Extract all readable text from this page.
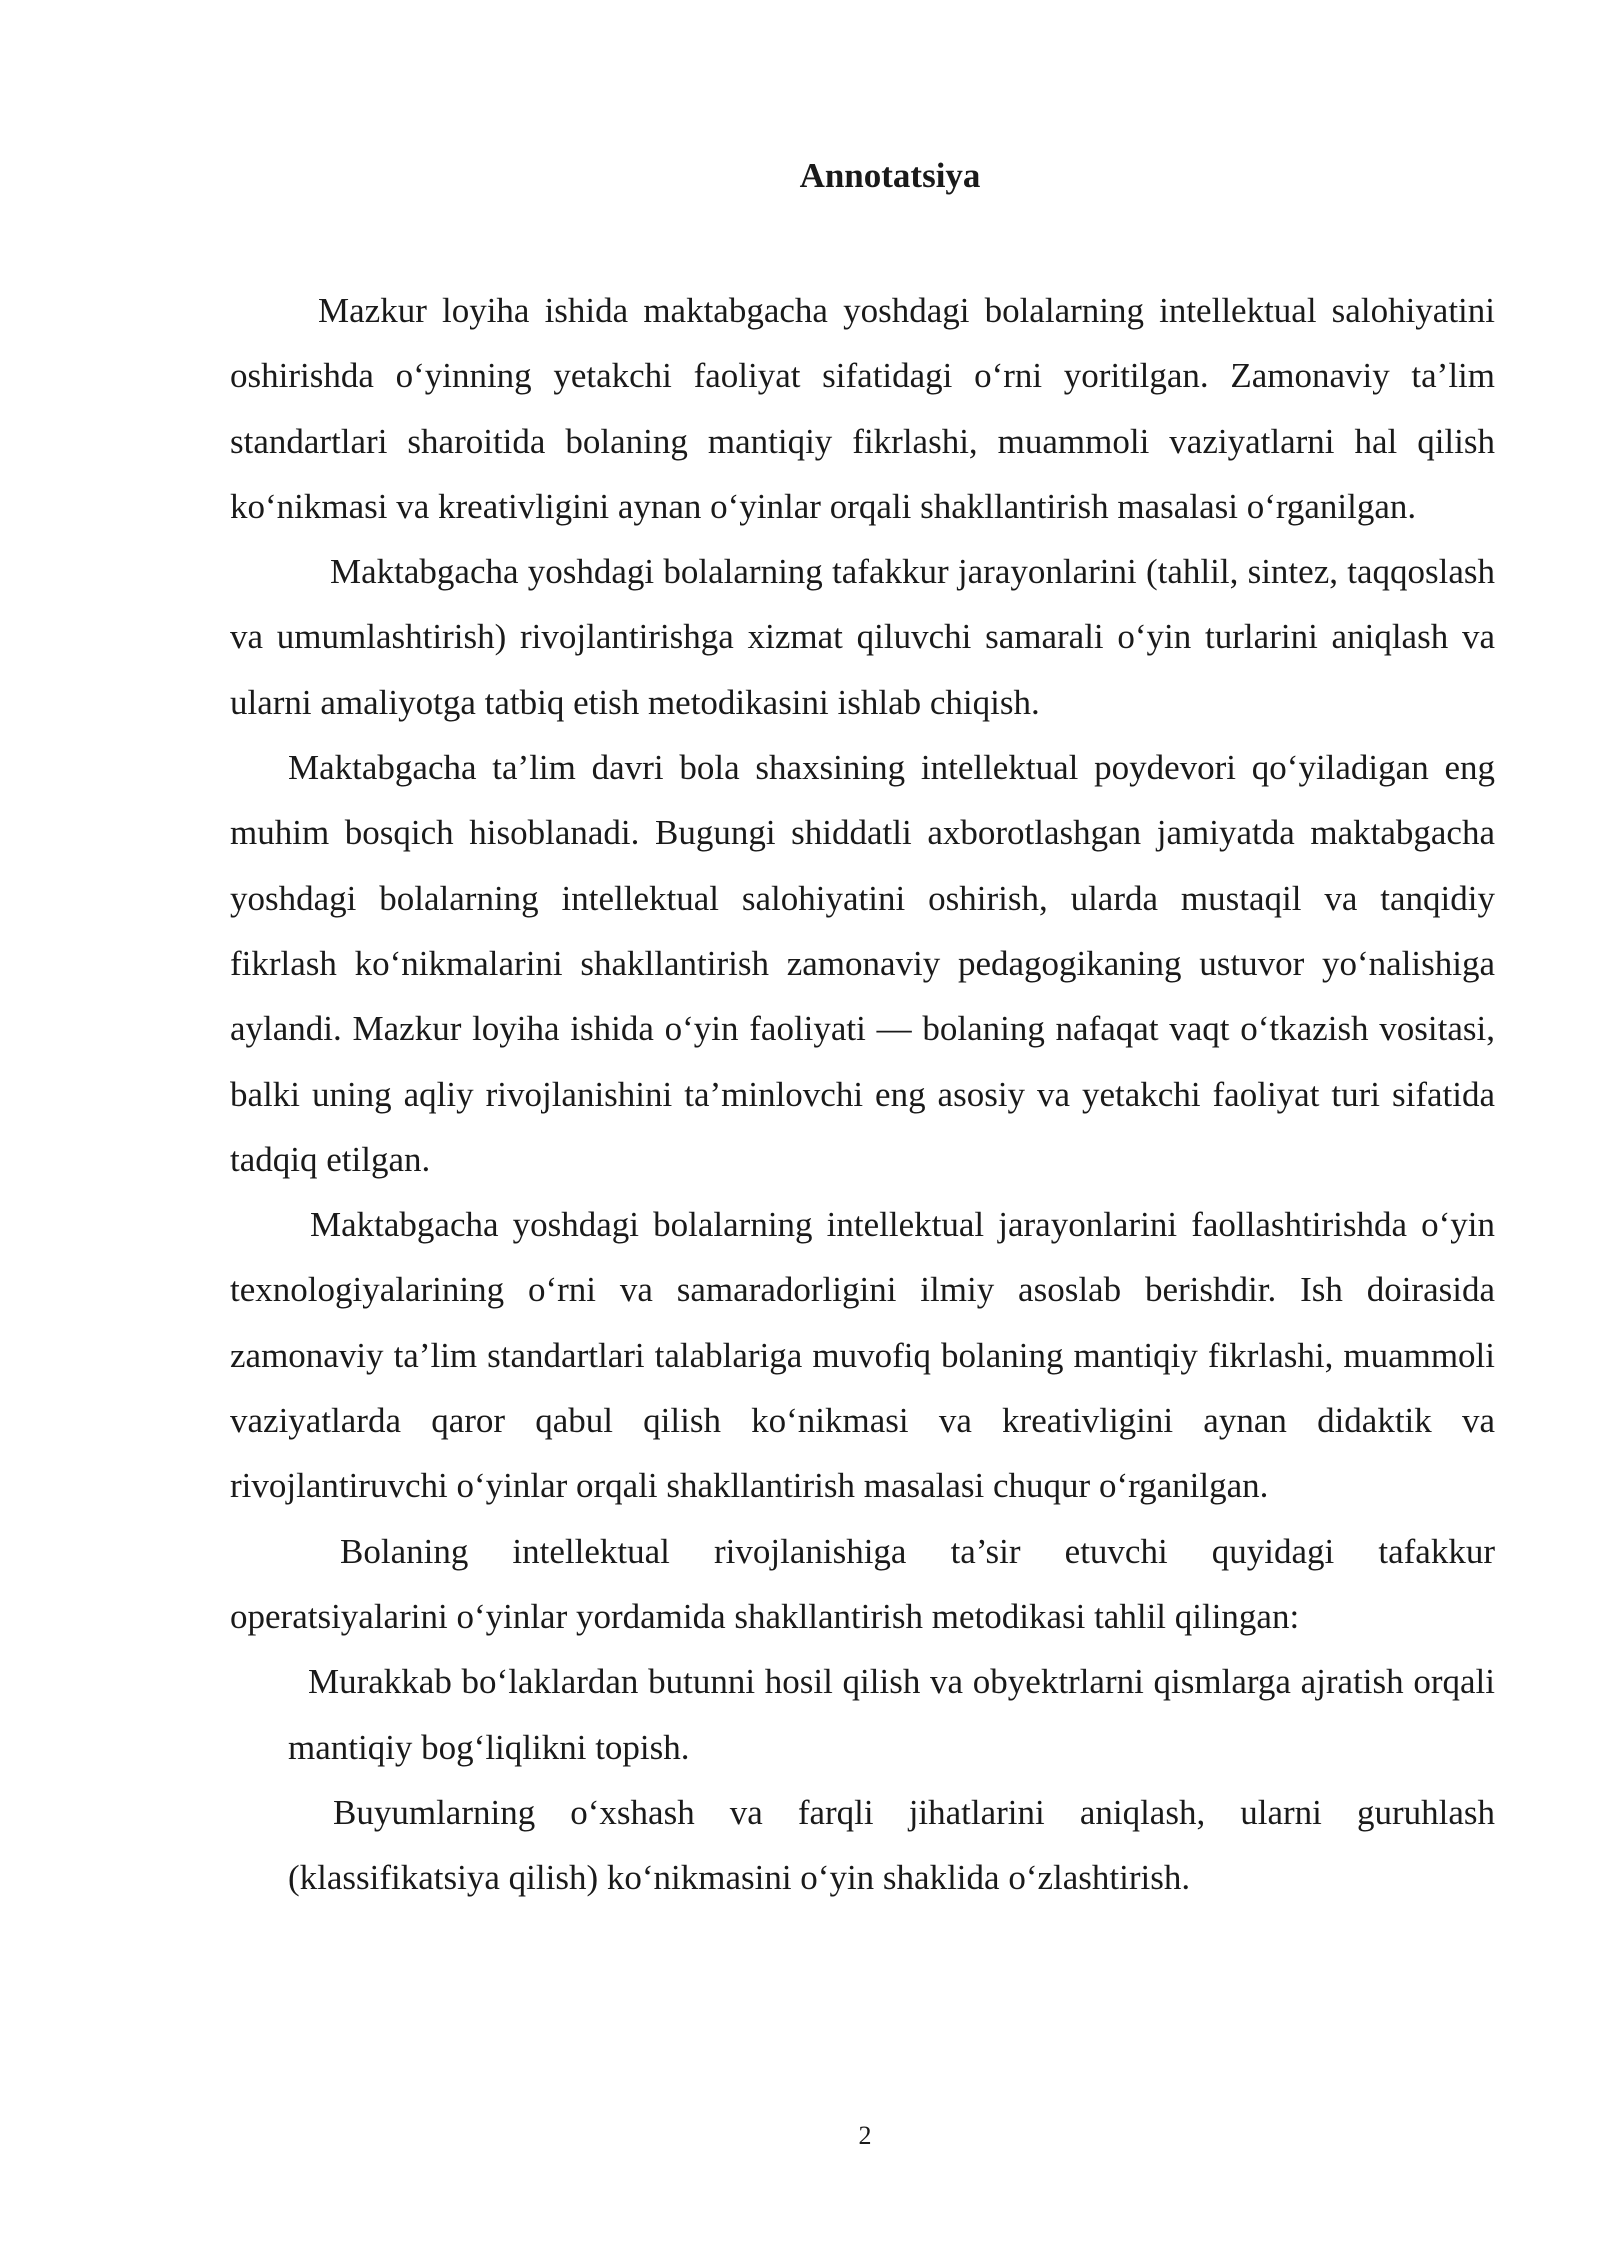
Annotatsiya

Mazkur loyiha ishida maktabgacha yoshdagi bolalarning intellektual salohiyatini oshirishda o‘yinning yetakchi faoliyat sifatidagi o‘rni yoritilgan. Zamonaviy ta’lim standartlari sharoitida bolaning mantiqiy fikrlashi, muammoli vaziyatlarni hal qilish ko‘nikmasi va kreativligini aynan o‘yinlar orqali shakllantirish masalasi o‘rganilgan.

Maktabgacha yoshdagi bolalarning tafakkur jarayonlarini (tahlil, sintez, taqqoslash va umumlashtirish) rivojlantirishga xizmat qiluvchi samarali o‘yin turlarini aniqlash va ularni amaliyotga tatbiq etish metodikasini ishlab chiqish.

Maktabgacha ta’lim davri bola shaxsining intellektual poydevori qo‘yiladigan eng muhim bosqich hisoblanadi. Bugungi shiddatli axborotlashgan jamiyatda maktabgacha yoshdagi bolalarning intellektual salohiyatini oshirish, ularda mustaqil va tanqidiy fikrlash ko‘nikmalarini shakllantirish zamonaviy pedagogikaning ustuvor yo‘nalishiga aylandi. Mazkur loyiha ishida o‘yin faoliyati — bolaning nafaqat vaqt o‘tkazish vositasi, balki uning aqliy rivojlanishini ta’minlovchi eng asosiy va yetakchi faoliyat turi sifatida tadqiq etilgan.

Maktabgacha yoshdagi bolalarning intellektual jarayonlarini faollashtirishda o‘yin texnologiyalarining o‘rni va samaradorligini ilmiy asoslab berishdir. Ish doirasida zamonaviy ta’lim standartlari talablariga muvofiq bolaning mantiqiy fikrlashi, muammoli vaziyatlarda qaror qabul qilish ko‘nikmasi va kreativligini aynan didaktik va rivojlantiruvchi o‘yinlar orqali shakllantirish masalasi chuqur o‘rganilgan.

Bolaning intellektual rivojlanishiga ta’sir etuvchi quyidagi tafakkur operatsiyalarini o‘yinlar yordamida shakllantirish metodikasi tahlil qilingan:

Murakkab bo‘laklardan butunni hosil qilish va obyektrlarni qismlarga ajratish orqali mantiqiy bog‘liqlikni topish.

Buyumlarning o‘xshash va farqli jihatlarini aniqlash, ularni guruhlash (klassifikatsiya qilish) ko‘nikmasini o‘yin shaklida o‘zlashtirish.

2
